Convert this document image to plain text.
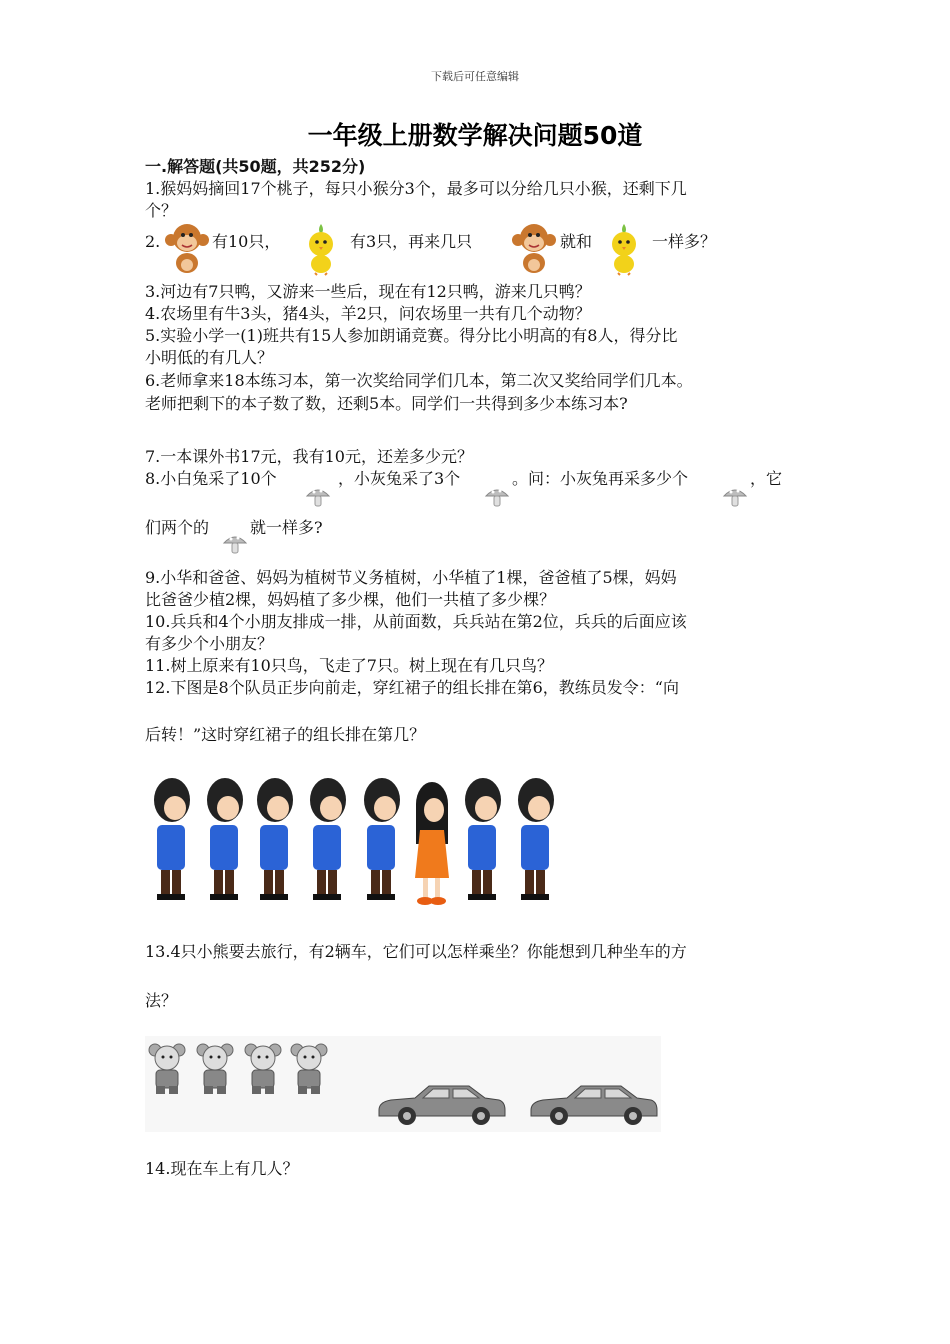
下载后可任意编辑
一年级上册数学解决问题50道
一.解答题(共50题，共252分)
1.猴妈妈摘回17个桃子，每只小猴分3个，最多可以分给几只小猴，还剩下几
个？
2.	有10只，	有3只，再来几只	就和	一样多？
3.河边有7只鸭，又游来一些后，现在有12只鸭，游来几只鸭？
4.农场里有牛3头，猪4头，羊2只，问农场里一共有几个动物？
5.实验小学一(1)班共有15人参加朗诵竞赛。得分比小明高的有8人，得分比
小明低的有几人？
6.老师拿来18本练习本，第一次奖给同学们几本，第二次又奖给同学们几本。
老师把剩下的本子数了数，还剩5本。同学们一共得到多少本练习本?
7.一本课外书17元，我有10元，还差多少元？
8.小白兔采了10个	，小灰兔采了3个	。问：小灰兔再采多少个	，它
们两个的	就一样多?
9.小华和爸爸、妈妈为植树节义务植树，小华植了1棵，爸爸植了5棵，妈妈
比爸爸少植2棵，妈妈植了多少棵，他们一共植了多少棵？
10.兵兵和4个小朋友排成一排，从前面数，兵兵站在第2位，兵兵的后面应该
有多少个小朋友？
11.树上原来有10只鸟，飞走了7只。树上现在有几只鸟？
12.下图是8个队员正步向前走，穿红裙子的组长排在第6，教练员发令：“向
后转！”这时穿红裙子的组长排在第几？
13.4只小熊要去旅行，有2辆车，它们可以怎样乘坐？你能想到几种坐车的方
法？
14.现在车上有几人？
